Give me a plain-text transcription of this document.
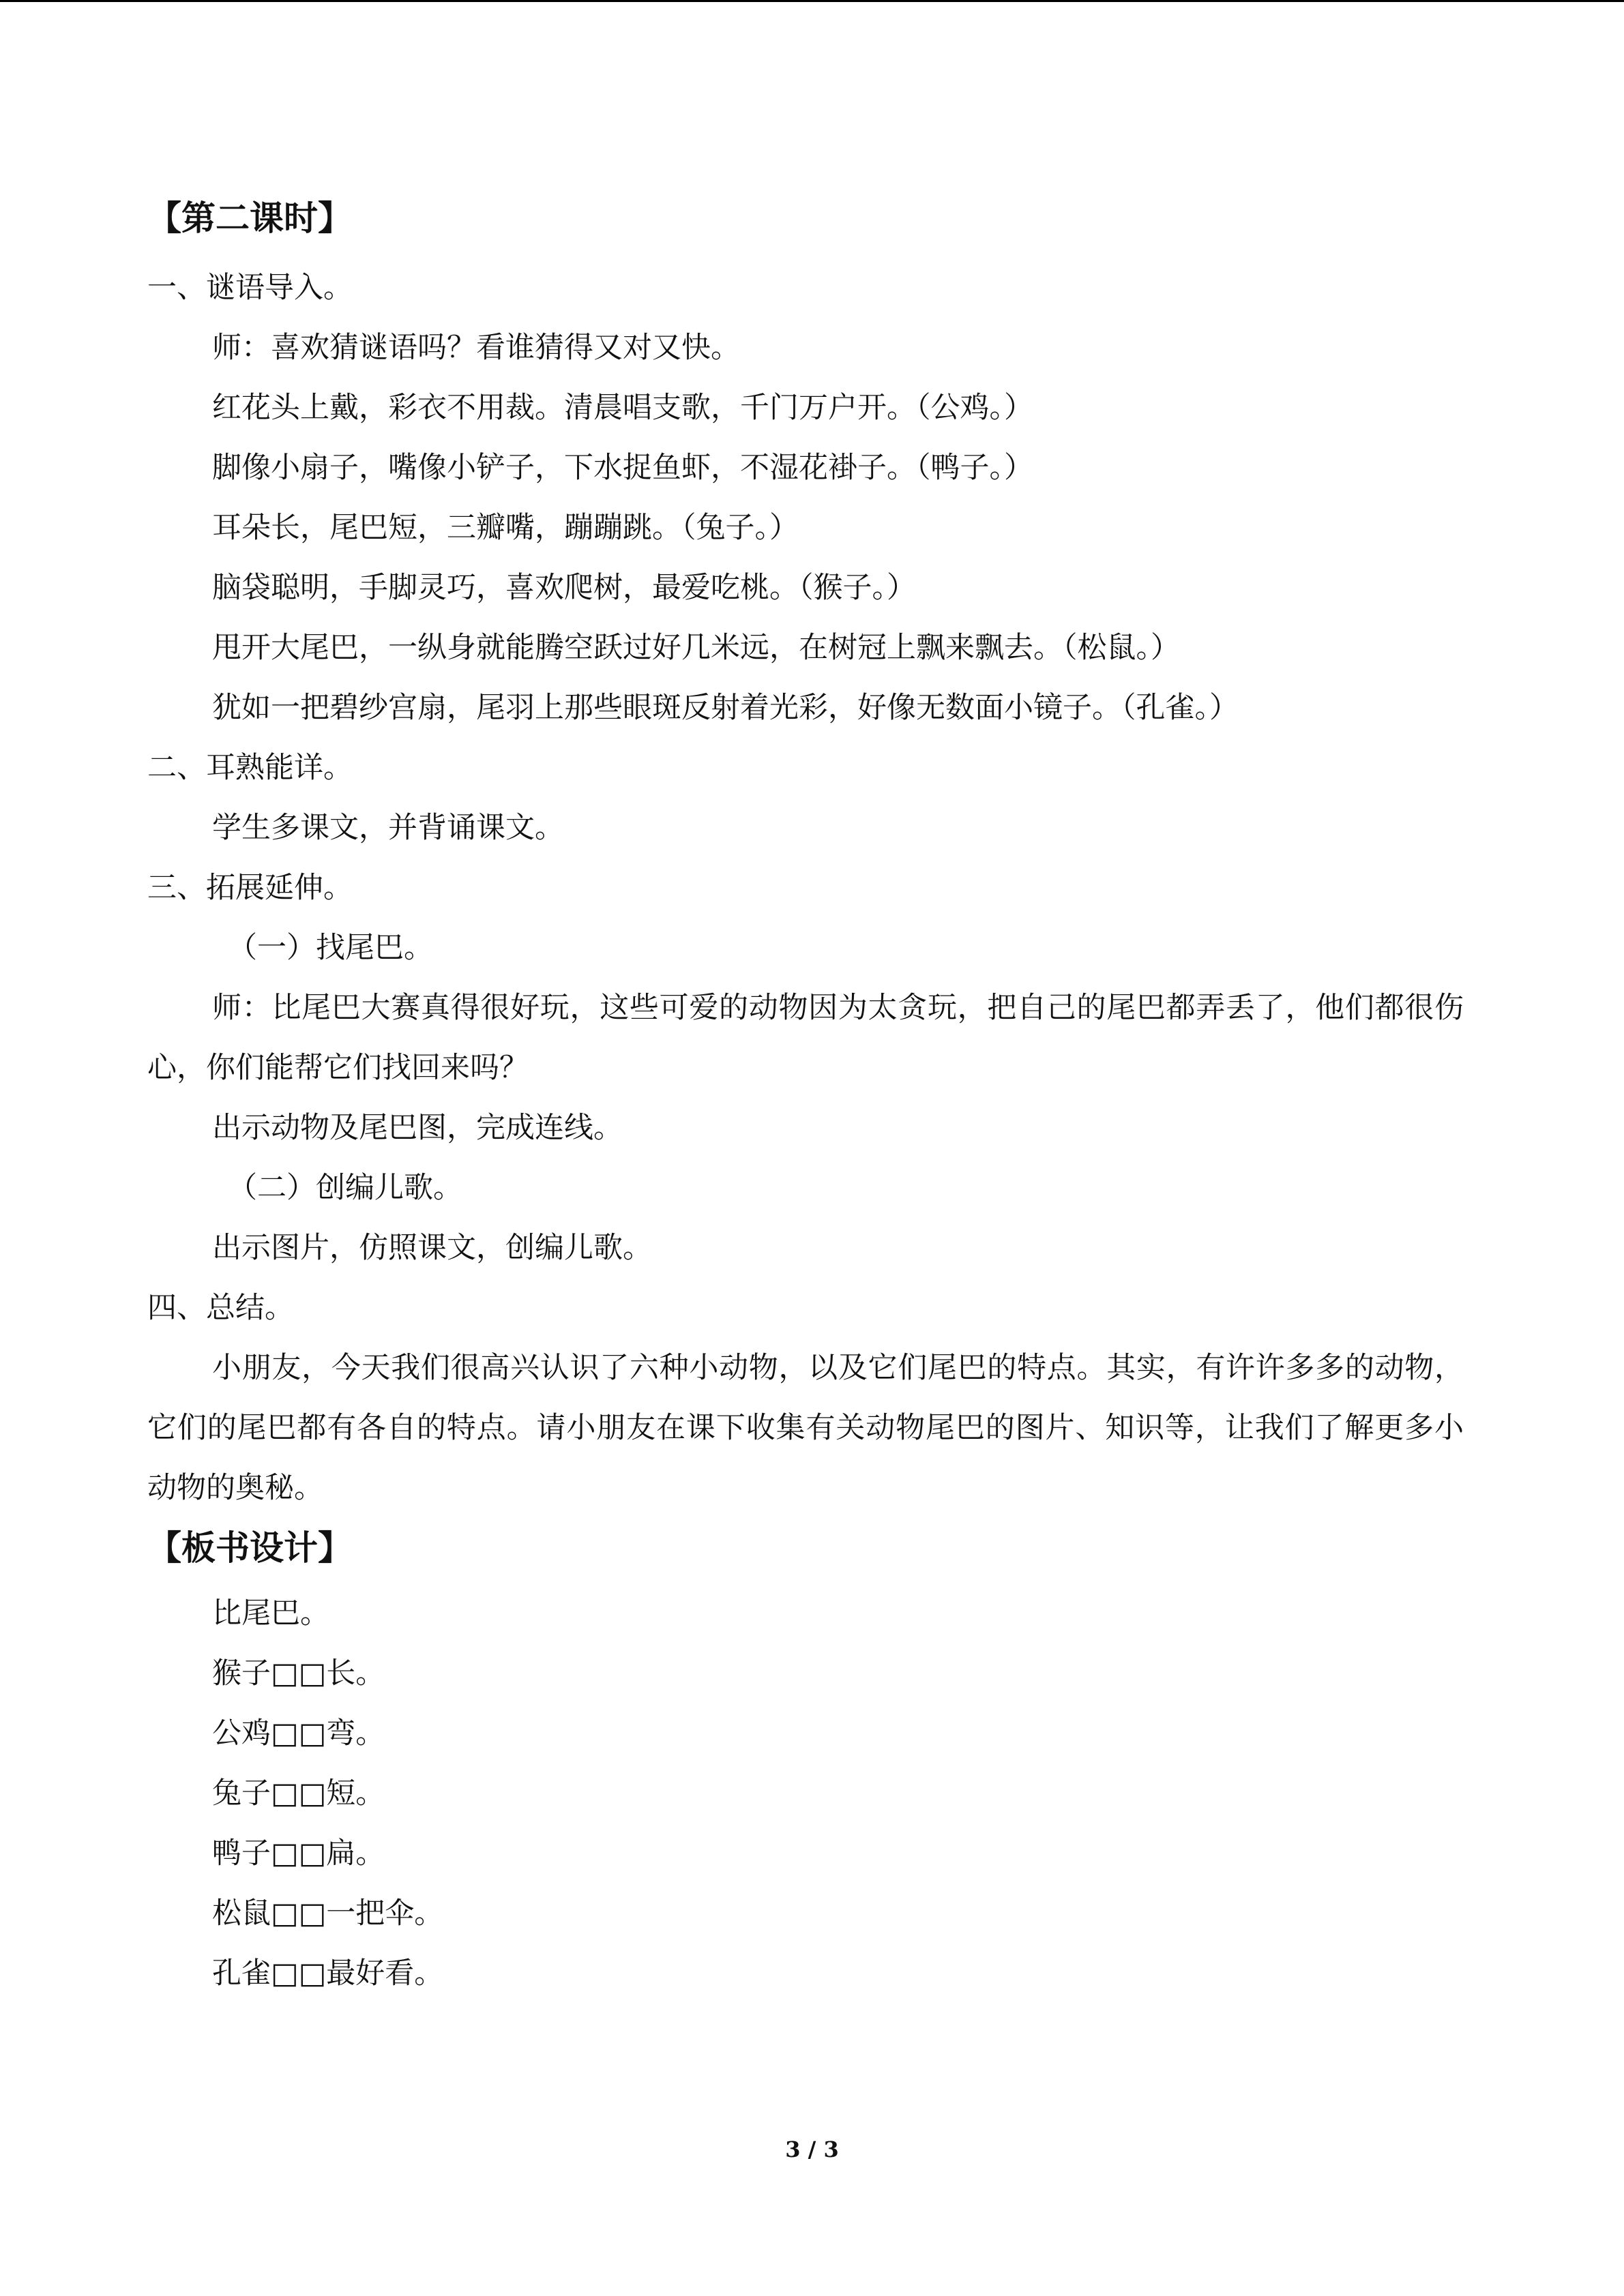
【第二课时】
一、谜语导入。
师：喜欢猜谜语吗？看谁猜得又对又快。
红花头上戴，彩衣不用裁。清晨唱支歌，千门万户开。（公鸡。）
脚像小扇子，嘴像小铲子，下水捉鱼虾，不湿花褂子。（鸭子。）
耳朵长，尾巴短，三瓣嘴，蹦蹦跳。（兔子。）
脑袋聪明，手脚灵巧，喜欢爬树，最爱吃桃。（猴子。）
甩开大尾巴，一纵身就能腾空跃过好几米远，在树冠上飘来飘去。（松鼠。）
犹如一把碧纱宫扇，尾羽上那些眼斑反射着光彩，好像无数面小镜子。（孔雀。）
二、耳熟能详。
学生多课文，并背诵课文。
三、拓展延伸。
（一）找尾巴。
师：比尾巴大赛真得很好玩，这些可爱的动物因为太贪玩，把自己的尾巴都弄丢了，他们都很伤心，你们能帮它们找回来吗？
出示动物及尾巴图，完成连线。
（二）创编儿歌。
出示图片，仿照课文，创编儿歌。
四、总结。
小朋友，今天我们很高兴认识了六种小动物，以及它们尾巴的特点。其实，有许许多多的动物，它们的尾巴都有各自的特点。请小朋友在课下收集有关动物尾巴的图片、知识等，让我们了解更多小动物的奥秘。
【板书设计】
比尾巴。
猴子□□长。
公鸡□□弯。
兔子□□短。
鸭子□□扁。
松鼠□□一把伞。
孔雀□□最好看。
3 / 3
